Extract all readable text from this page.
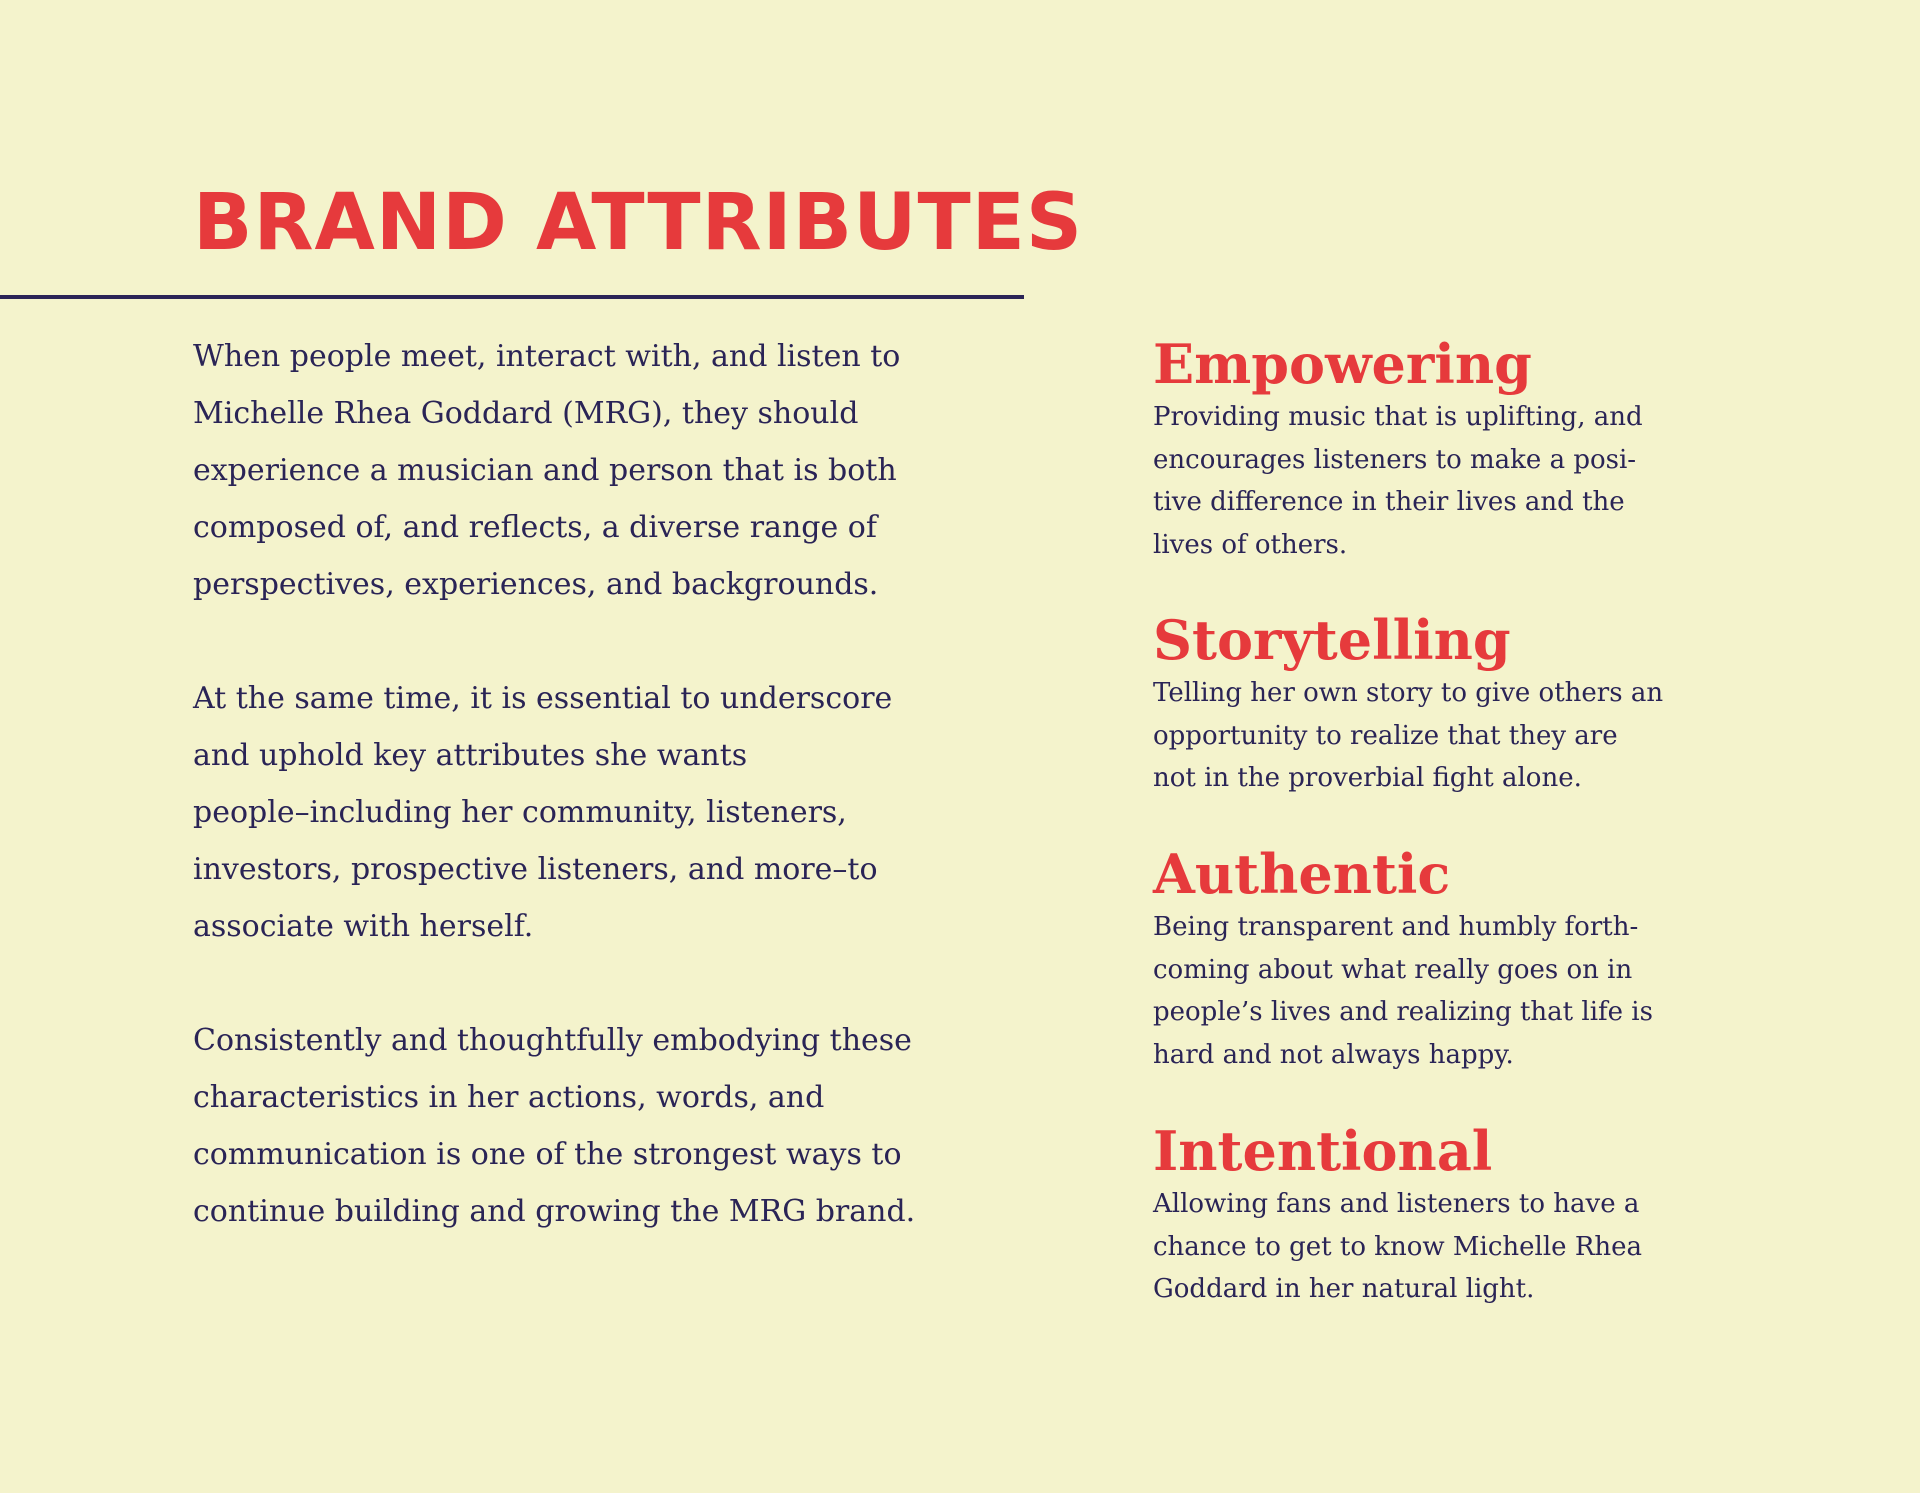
BRAND ATTRIBUTES

When people meet, interact with, and listen to
Michelle Rhea Goddard (MRG), they should
experience a musician and person that is both
composed of, and reflects, a diverse range of
perspectives, experiences, and backgrounds.

At the same time, it is essential to underscore
and uphold key attributes she wants
people–including her community, listeners,
investors, prospective listeners, and more–to
associate with herself.

Consistently and thoughtfully embodying these
characteristics in her actions, words, and
communication is one of the strongest ways to
continue building and growing the MRG brand.

Empowering
Providing music that is uplifting, and
encourages listeners to make a posi-
tive difference in their lives and the
lives of others.
Storytelling
Telling her own story to give others an
opportunity to realize that they are
not in the proverbial fight alone.
Authentic
Being transparent and humbly forth-
coming about what really goes on in
people’s lives and realizing that life is
hard and not always happy.
Intentional
Allowing fans and listeners to have a
chance to get to know Michelle Rhea
Goddard in her natural light.
